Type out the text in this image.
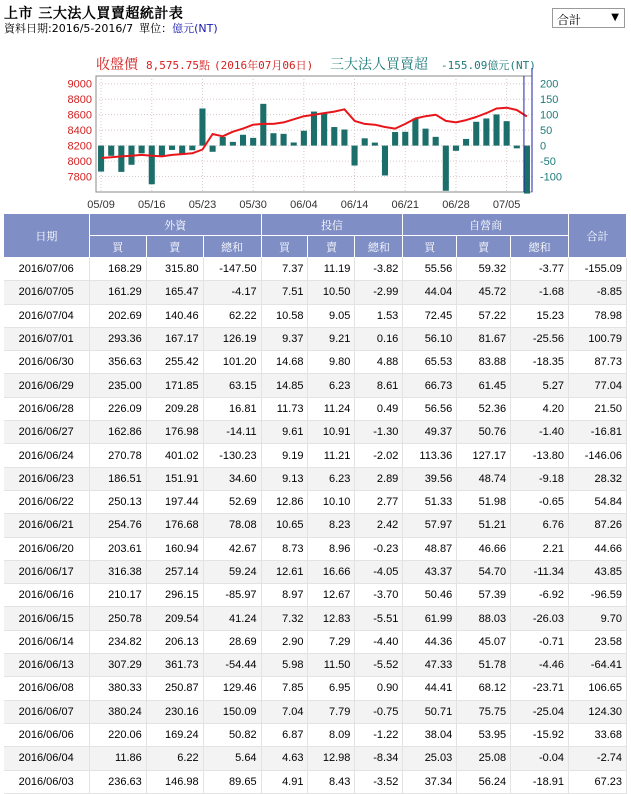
上市 三大法人買賣超統計表
資料日期:2016/5-2016/7 單位：億元(NT)
合計	▼
收盤價 8,575.75點 (2016年07月06日) 三大法人買賣超 -155.09億元(NT)
9000
8800
8600
8400
8200
8000
7800
05/09 05/16 05/23 05/30 06/04 06/14 06/21 06/28 07/05
200
150
100
50
0
-50
-100
日期	外資			投信			自營商			合計
	買	賣	總和	買	賣	總和	買	賣	總和	
2016/07/06	168.29	315.80	-147.50	7.37	11.19	-3.82	55.56	59.32	-3.77	-155.09
2016/07/05	161.29	165.47	-4.17	7.51	10.50	-2.99	44.04	45.72	-1.68	-8.85
2016/07/04	202.69	140.46	62.22	10.58	9.05	1.53	72.45	57.22	15.23	78.98
2016/07/01	293.36	167.17	126.19	9.37	9.21	0.16	56.10	81.67	-25.56	100.79
2016/06/30	356.63	255.42	101.20	14.68	9.80	4.88	65.53	83.88	-18.35	87.73
2016/06/29	235.00	171.85	63.15	14.85	6.23	8.61	66.73	61.45	5.27	77.04
2016/06/28	226.09	209.28	16.81	11.73	11.24	0.49	56.56	52.36	4.20	21.50
2016/06/27	162.86	176.98	-14.11	9.61	10.91	-1.30	49.37	50.76	-1.40	-16.81
2016/06/24	270.78	401.02	-130.23	9.19	11.21	-2.02	113.36	127.17	-13.80	-146.06
2016/06/23	186.51	151.91	34.60	9.13	6.23	2.89	39.56	48.74	-9.18	28.32
2016/06/22	250.13	197.44	52.69	12.86	10.10	2.77	51.33	51.98	-0.65	54.84
2016/06/21	254.76	176.68	78.08	10.65	8.23	2.42	57.97	51.21	6.76	87.26
2016/06/20	203.61	160.94	42.67	8.73	8.96	-0.23	48.87	46.66	2.21	44.66
2016/06/17	316.38	257.14	59.24	12.61	16.66	-4.05	43.37	54.70	-11.34	43.85
2016/06/16	210.17	296.15	-85.97	8.97	12.67	-3.70	50.46	57.39	-6.92	-96.59
2016/06/15	250.78	209.54	41.24	7.32	12.83	-5.51	61.99	88.03	-26.03	9.70
2016/06/14	234.82	206.13	28.69	2.90	7.29	-4.40	44.36	45.07	-0.71	23.58
2016/06/13	307.29	361.73	-54.44	5.98	11.50	-5.52	47.33	51.78	-4.46	-64.41
2016/06/08	380.33	250.87	129.46	7.85	6.95	0.90	44.41	68.12	-23.71	106.65
2016/06/07	380.24	230.16	150.09	7.04	7.79	-0.75	50.71	75.75	-25.04	124.30
2016/06/06	220.06	169.24	50.82	6.87	8.09	-1.22	38.04	53.95	-15.92	33.68
2016/06/04	11.86	6.22	5.64	4.63	12.98	-8.34	25.03	25.08	-0.04	-2.74
2016/06/03	236.63	146.98	89.65	4.91	8.43	-3.52	37.34	56.24	-18.91	67.23
